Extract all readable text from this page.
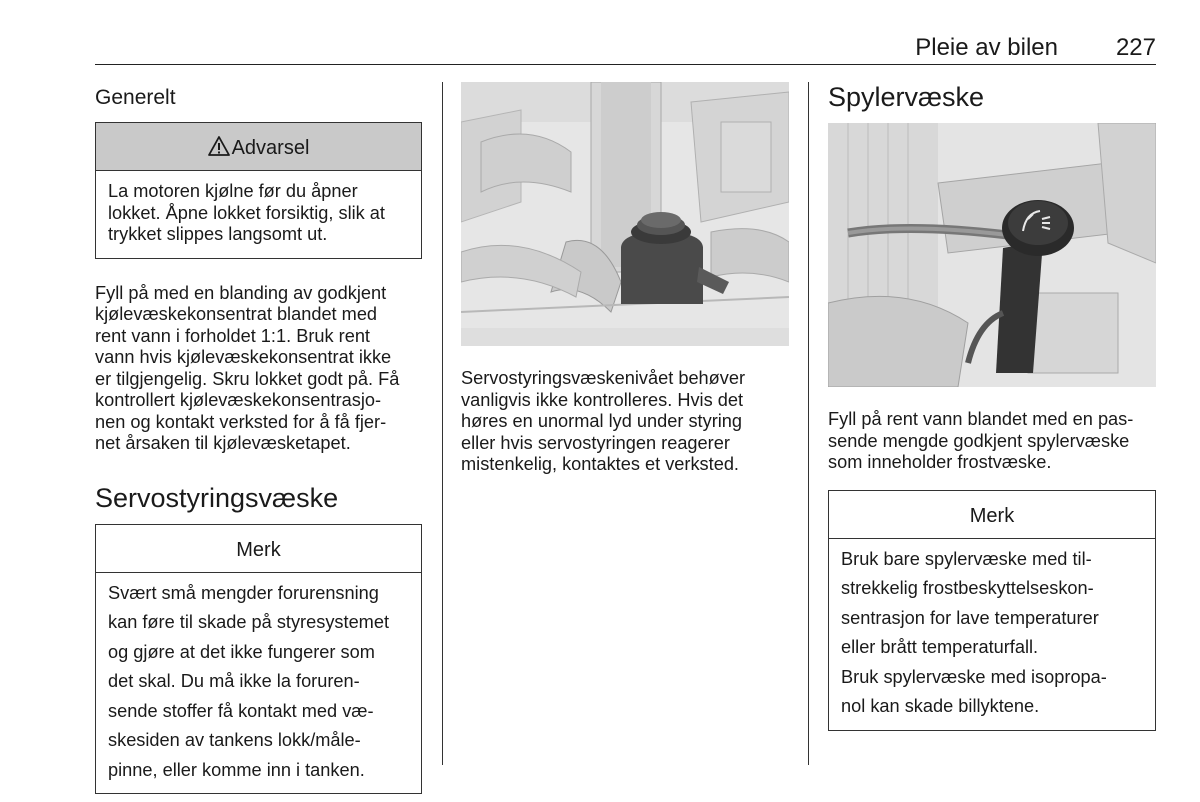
Pleie av bilen 227
Generelt
Advarsel

La motoren kjølne før du åpner lokket. Åpne lokket forsiktig, slik at trykket slippes langsomt ut.

Fyll på med en blanding av godkjent

kjølevæskekonsentrat blandet med

rent vann i forholdet 1:1. Bruk rent

vann hvis kjølevæskekonsentrat ikke

er tilgjengelig. Skru lokket godt på. Få

kontrollert kjølevæskekonsentrasjo-

nen og kontakt verksted for å få fjer-

net årsaken til kjølevæsketapet.

Servostyringsvæske
Merk

Svært små mengder forurensning

kan føre til skade på styresystemet

og gjøre at det ikke fungerer som

det skal. Du må ikke la foruren-

sende stoffer få kontakt med væ-

skesiden av tankens lokk/måle-

pinne, eller komme inn i tanken.

Servostyringsvæskenivået behøver

vanligvis ikke kontrolleres. Hvis det

høres en unormal lyd under styring

eller hvis servostyringen reagerer

mistenkelig, kontaktes et verksted.

Spylervæske

Fyll på rent vann blandet med en pas-

sende mengde godkjent spylervæske

som inneholder frostvæske.

Merk

Bruk bare spylervæske med til-

strekkelig frostbeskyttelseskon-

sentrasjon for lave temperaturer

eller brått temperaturfall.

Bruk spylervæske med isopropa-

nol kan skade billyktene.
